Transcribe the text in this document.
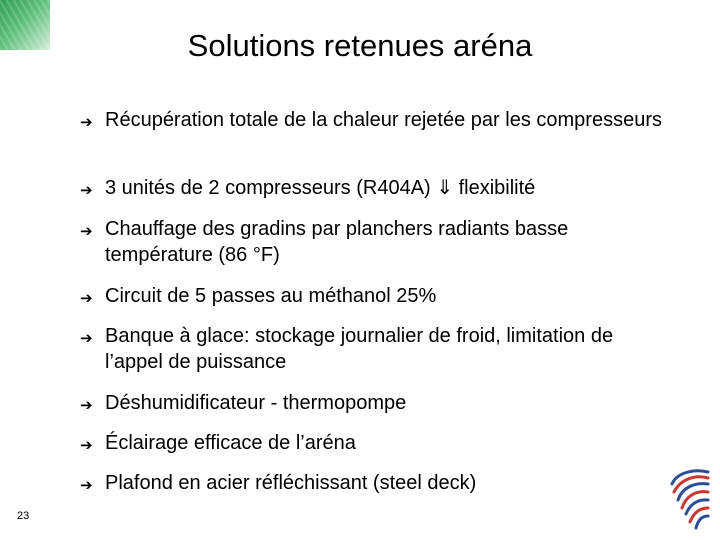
Solutions retenues aréna
➔ Récupération totale de la chaleur rejetée par les compresseurs
➔ 3 unités de 2 compresseurs (R404A) ⇓ flexibilité
➔ Chauffage des gradins par planchers radiants basse température (86 °F)
➔ Circuit de 5 passes au méthanol 25%
➔ Banque à glace: stockage journalier de froid, limitation de l’appel de puissance
➔ Déshumidificateur - thermopompe
➔ Éclairage efficace de l’aréna
➔ Plafond en acier réfléchissant (steel deck)
23
